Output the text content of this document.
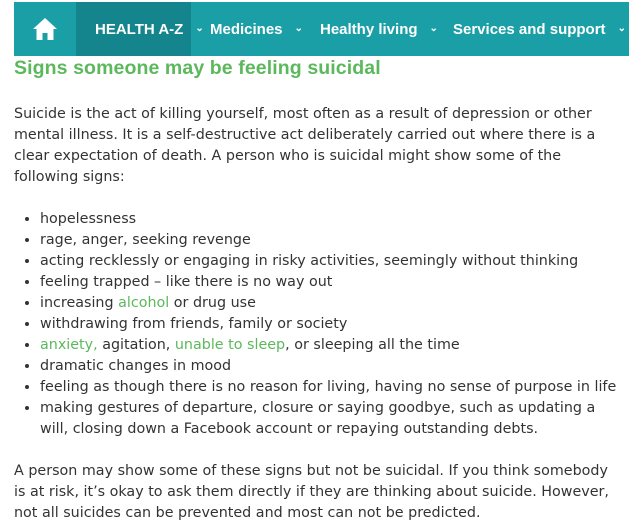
HEALTH A-Z ⌄ Medicines ⌄ Healthy living ⌄ Services and support ⌄
Signs someone may be feeling suicidal

Suicide is the act of killing yourself, most often as a result of depression or other mental illness. It is a self-destructive act deliberately carried out where there is a clear expectation of death. A person who is suicidal might show some of the following signs:

• hopelessness
• rage, anger, seeking revenge
• acting recklessly or engaging in risky activities, seemingly without thinking
• feeling trapped – like there is no way out
• increasing alcohol or drug use
• withdrawing from friends, family or society
• anxiety, agitation, unable to sleep, or sleeping all the time
• dramatic changes in mood
• feeling as though there is no reason for living, having no sense of purpose in life
• making gestures of departure, closure or saying goodbye, such as updating a will, closing down a Facebook account or repaying outstanding debts.

A person may show some of these signs but not be suicidal. If you think somebody is at risk, it’s okay to ask them directly if they are thinking about suicide. However, not all suicides can be prevented and most can not be predicted.
